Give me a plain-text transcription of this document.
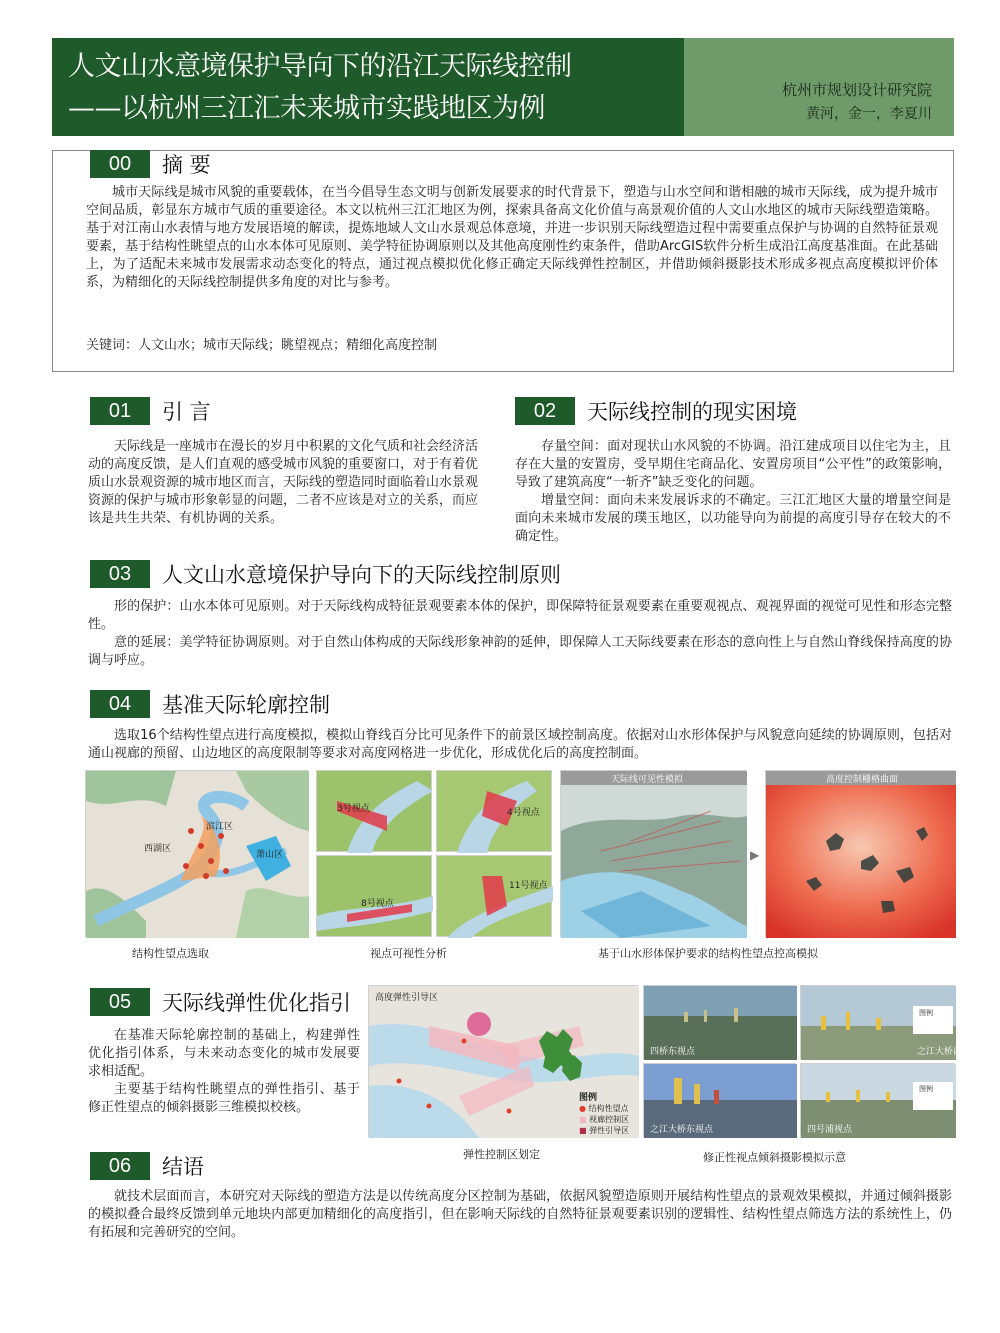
人文山水意境保护导向下的沿江天际线控制
——以杭州三江汇未来城市实践地区为例
杭州市规划设计研究院
黄河，金一，李夏川
00	摘 要

城市天际线是城市风貌的重要载体，在当今倡导生态文明与创新发展要求的时代背景下，塑造与山水空间和谐相融的城市天际线，成为提升城市空间品质，彰显东方城市气质的重要途径。本文以杭州三江汇地区为例，探索具备高文化价值与高景观价值的人文山水地区的城市天际线塑造策略。基于对江南山水表情与地方发展语境的解读，提炼地域人文山水景观总体意境，并进一步识别天际线塑造过程中需要重点保护与协调的自然特征景观要素，基于结构性眺望点的山水本体可见原则、美学特征协调原则以及其他高度刚性约束条件，借助ArcGIS软件分析生成沿江高度基准面。在此基础上，为了适配未来城市发展需求动态变化的特点，通过视点模拟优化修正确定天际线弹性控制区，并借助倾斜摄影技术形成多视点高度模拟评价体系，为精细化的天际线控制提供多角度的对比与参考。

关键词：人文山水；城市天际线；眺望视点；精细化高度控制
01	引 言

天际线是一座城市在漫长的岁月中积累的文化气质和社会经济活动的高度反馈，是人们直观的感受城市风貌的重要窗口，对于有着优质山水景观资源的城市地区而言，天际线的塑造同时面临着山水景观资源的保护与城市形象彰显的问题，二者不应该是对立的关系，而应该是共生共荣、有机协调的关系。

02	天际线控制的现实困境

存量空间：面对现状山水风貌的不协调。沿江建成项目以住宅为主，且存在大量的安置房，受早期住宅商品化、安置房项目“公平性”的政策影响，导致了建筑高度“一斩齐”缺乏变化的问题。

增量空间：面向未来发展诉求的不确定。三江汇地区大量的增量空间是面向未来城市发展的璞玉地区，以功能导向为前提的高度引导存在较大的不确定性。

03	人文山水意境保护导向下的天际线控制原则

形的保护：山水本体可见原则。对于天际线构成特征景观要素本体的保护，即保障特征景观要素在重要观视点、观视界面的视觉可见性和形态完整性。

意的延展：美学特征协调原则。对于自然山体构成的天际线形象神韵的延伸，即保障人工天际线要素在形态的意向性上与自然山脊线保持高度的协调与呼应。

04	基准天际轮廓控制

选取16个结构性望点进行高度模拟，模拟山脊线百分比可见条件下的前景区域控制高度。依据对山水形体保护与风貌意向延续的协调原则，包括对通山视廊的预留、山边地区的高度限制等要求对高度网格进一步优化，形成优化后的高度控制面。

滨江区
西湖区
萧山区
结构性望点选取
3号视点	4号视点
8号视点
11号视点
视点可视性分析
天际线可见性模拟
▶
高度控制栅格曲面
基于山水形体保护要求的结构性望点控高模拟
05	天际线弹性优化指引

在基准天际轮廓控制的基础上，构建弹性优化指引体系，与未来动态变化的城市发展要求相适配。

主要基于结构性眺望点的弹性指引、基于修正性望点的倾斜摄影三维模拟校核。

高度弹性引导区
图例
● 结构性望点
■ 视廊控制区
■ 弹性引导区
弹性控制区划定
四桥东视点	之江大桥西视点
图例
之江大桥东视点	四号浦视点
图例
修正性视点倾斜摄影模拟示意
06	结语

就技术层面而言，本研究对天际线的塑造方法是以传统高度分区控制为基础，依据风貌塑造原则开展结构性望点的景观效果模拟，并通过倾斜摄影的模拟叠合最终反馈到单元地块内部更加精细化的高度指引，但在影响天际线的自然特征景观要素识别的逻辑性、结构性望点筛选方法的系统性上，仍有拓展和完善研究的空间。
